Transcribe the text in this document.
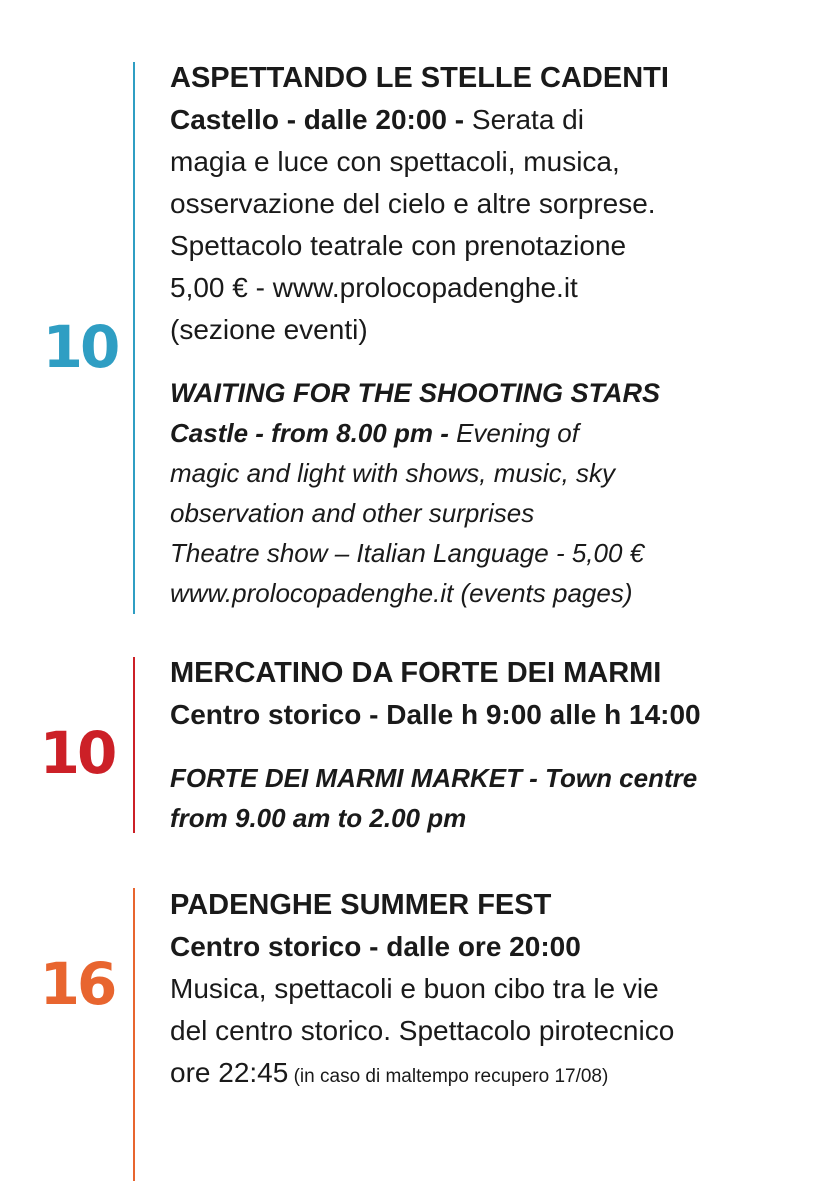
10
ASPETTANDO LE STELLE CADENTI
Castello - dalle 20:00 - Serata di
magia e luce con spettacoli, musica,
osservazione del cielo e altre sorprese.
Spettacolo teatrale con prenotazione
5,00 € - www.prolocopadenghe.it
(sezione eventi)
WAITING FOR THE SHOOTING STARS
Castle - from 8.00 pm - Evening of
magic and light with shows, music, sky
observation and other surprises
Theatre show – Italian Language - 5,00 €
www.prolocopadenghe.it (events pages)
10
MERCATINO DA FORTE DEI MARMI
Centro storico - Dalle h 9:00 alle h 14:00
FORTE DEI MARMI MARKET - Town centre
from 9.00 am to 2.00 pm
16
PADENGHE SUMMER FEST
Centro storico - dalle ore 20:00
Musica, spettacoli e buon cibo tra le vie
del centro storico. Spettacolo pirotecnico
ore 22:45 (in caso di maltempo recupero 17/08)
